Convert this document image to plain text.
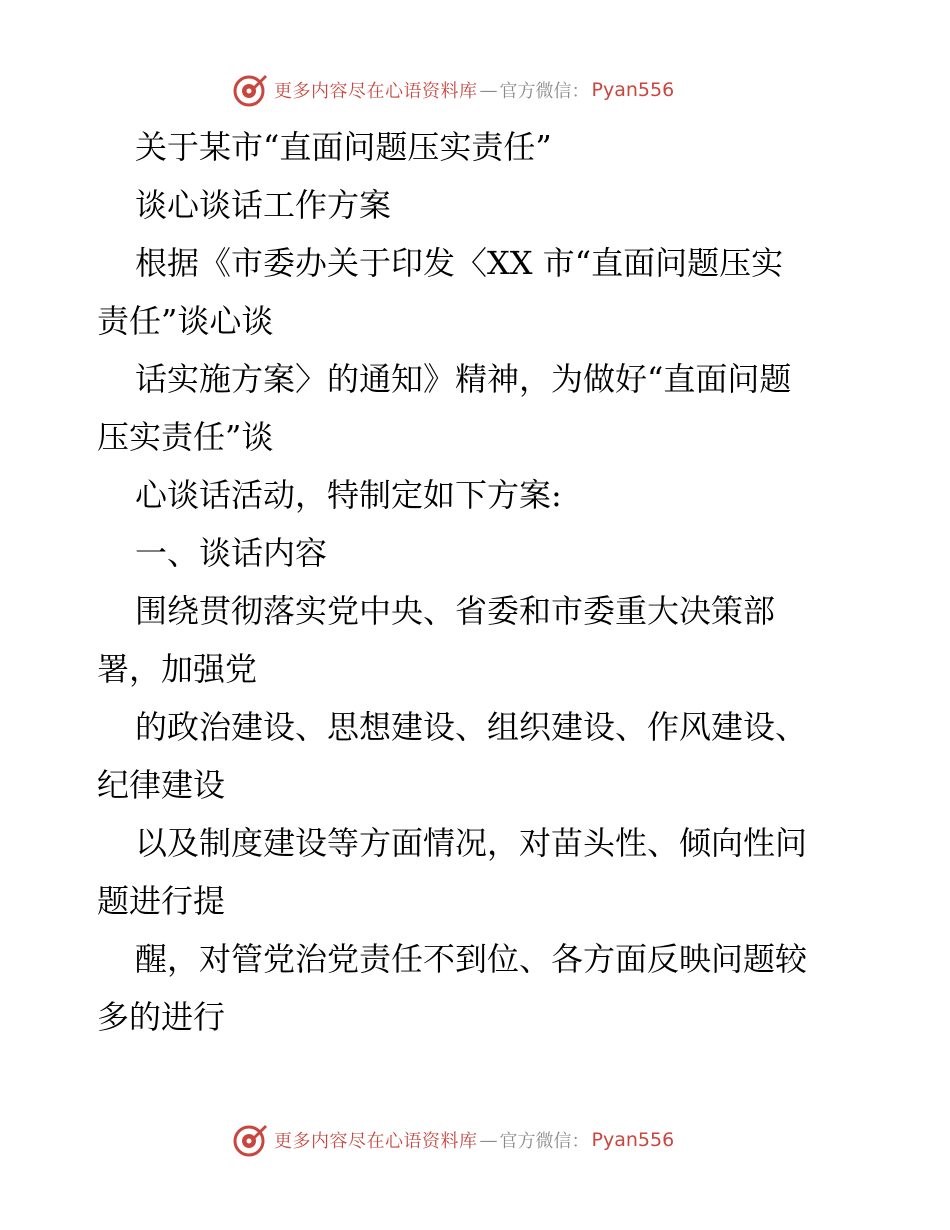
更多内容尽在心语资料库 — 官方微信： Pyan556
关于某市“直面问题压实责任”
谈心谈话工作方案
根据《市委办关于印发〈XX 市“直面问题压实
责任”谈心谈
话实施方案〉的通知》精神，为做好“直面问题
压实责任”谈
心谈话活动，特制定如下方案:
一、谈话内容
围绕贯彻落实党中央、省委和市委重大决策部
署，加强党
的政治建设、思想建设、组织建设、作风建设、
纪律建设
以及制度建设等方面情况，对苗头性、倾向性问
题进行提
醒，对管党治党责任不到位、各方面反映问题较
多的进行
更多内容尽在心语资料库 — 官方微信： Pyan556
